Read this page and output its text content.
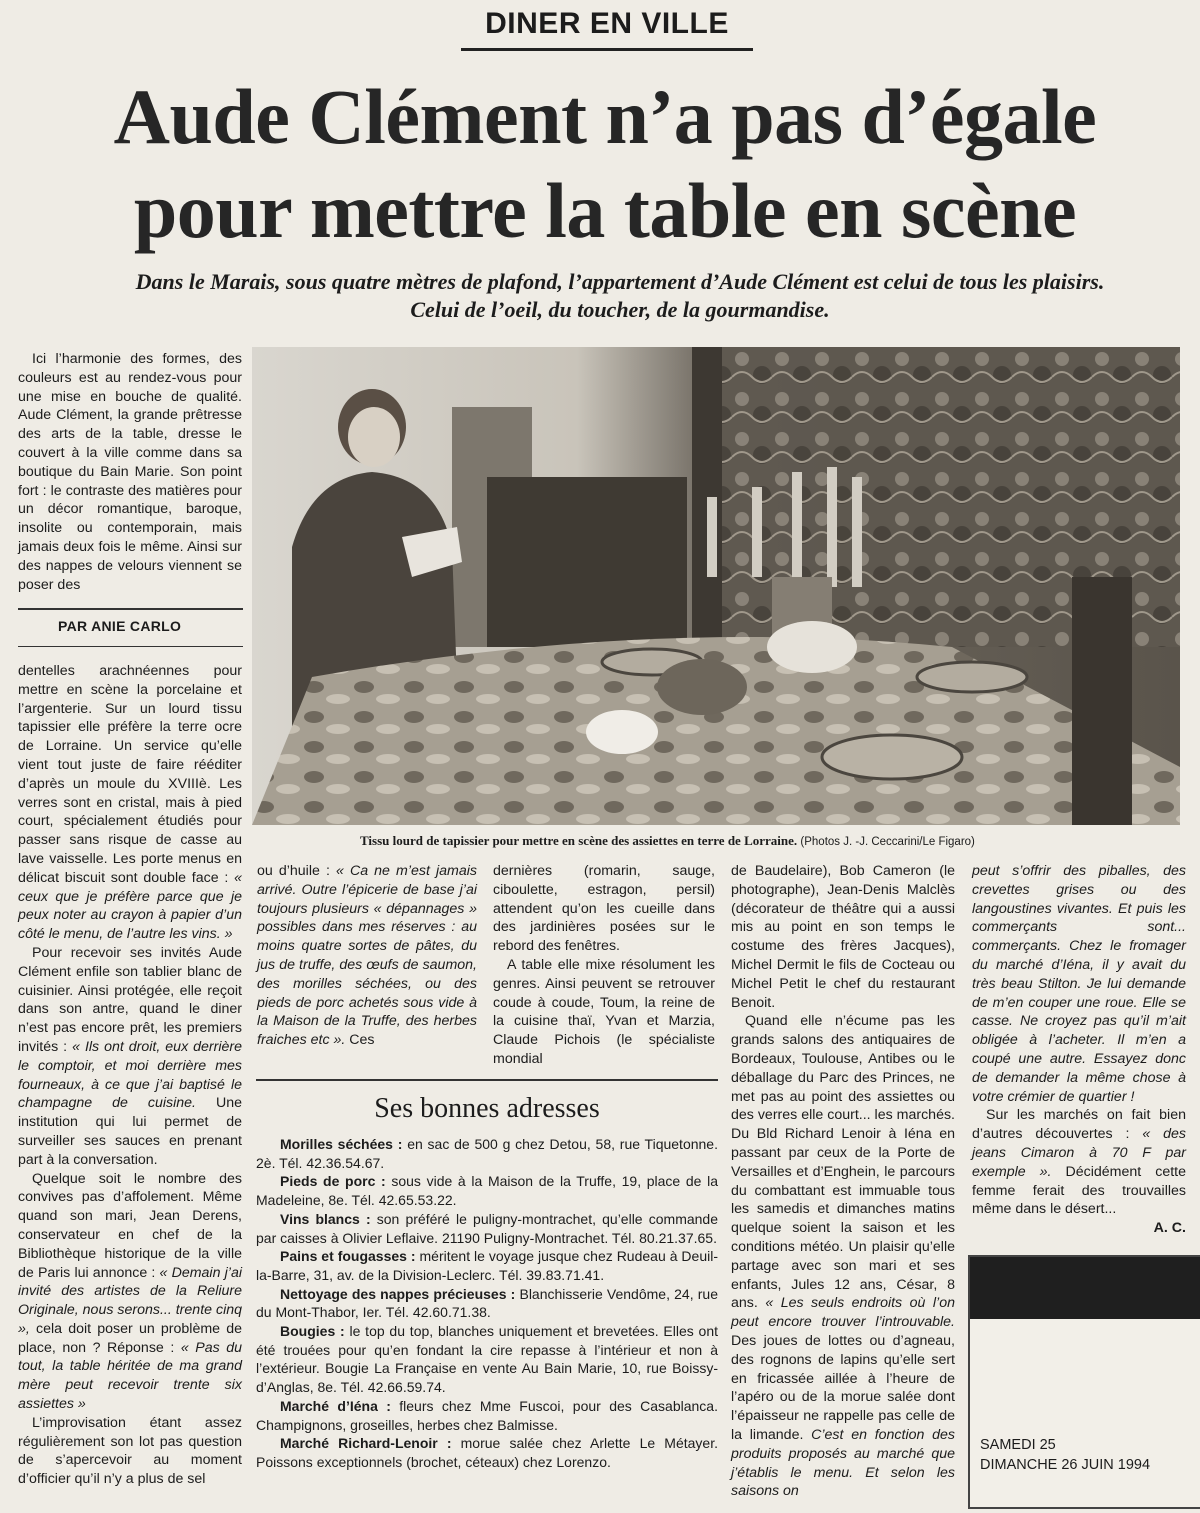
DINER EN VILLE
Aude Clément n’a pas d’égale
pour mettre la table en scène
Dans le Marais, sous quatre mètres de plafond, l’appartement d’Aude Clément est celui de tous les plaisirs.
Celui de l’oeil, du toucher, de la gourmandise.

Ici l’harmonie des formes, des couleurs est au rendez-vous pour une mise en bouche de qualité. Aude Clément, la grande prêtresse des arts de la table, dresse le couvert à la ville comme dans sa boutique du Bain Marie. Son point fort : le contraste des matières pour un décor romantique, baroque, insolite ou contemporain, mais jamais deux fois le même. Ainsi sur des nappes de velours viennent se poser des

PAR ANIE CARLO

dentelles arachnéennes pour mettre en scène la porcelaine et l’argenterie. Sur un lourd tissu tapissier elle préfère la terre ocre de Lorraine. Un service qu’elle vient tout juste de faire rééditer d’après un moule du XVIIIè. Les verres sont en cristal, mais à pied court, spécialement étudiés pour passer sans risque de casse au lave vaisselle. Les porte menus en délicat biscuit sont double face : « ceux que je préfère parce que je peux noter au crayon à papier d’un côté le menu, de l’autre les vins. »

Pour recevoir ses invités Aude Clément enfile son tablier blanc de cuisinier. Ainsi protégée, elle reçoit dans son antre, quand le diner n’est pas encore prêt, les premiers invités : « Ils ont droit, eux derrière le comptoir, et moi derrière mes fourneaux, à ce que j’ai baptisé le champagne de cuisine. Une institution qui lui permet de surveiller ses sauces en prenant part à la conversation.

Quelque soit le nombre des convives pas d’affolement. Même quand son mari, Jean Derens, conservateur en chef de la Bibliothèque historique de la ville de Paris lui annonce : « Demain j’ai invité des artistes de la Reliure Originale, nous serons... trente cinq », cela doit poser un problème de place, non ? Réponse : « Pas du tout, la table héritée de ma grand mère peut recevoir trente six assiettes »

L’improvisation étant assez régulièrement son lot pas question de s’apercevoir au moment d’officier qu’il n’y a plus de sel

Tissu lourd de tapissier pour mettre en scène des assiettes en terre de Lorraine. (Photos J. -J. Ceccarini/Le Figaro)

ou d’huile : « Ca ne m’est jamais arrivé. Outre l’épicerie de base j’ai toujours plusieurs « dépannages » possibles dans mes réserves : au moins quatre sortes de pâtes, du jus de truffe, des œufs de saumon, des morilles séchées, ou des pieds de porc achetés sous vide à la Maison de la Truffe, des herbes fraiches etc ». Ces

dernières (romarin, sauge, ciboulette, estragon, persil) attendent qu’on les cueille dans des jardinières posées sur le rebord des fenêtres.

A table elle mixe résolument les genres. Ainsi peuvent se retrouver coude à coude, Toum, la reine de la cuisine thaï, Yvan et Marzia, Claude Pichois (le spécialiste mondial

Ses bonnes adresses

Morilles séchées : en sac de 500 g chez Detou, 58, rue Tiquetonne. 2è. Tél. 42.36.54.67.

Pieds de porc : sous vide à la Maison de la Truffe, 19, place de la Madeleine, 8e. Tél. 42.65.53.22.

Vins blancs : son préféré le puligny-montrachet, qu’elle commande par caisses à Olivier Leflaive. 21190 Puligny-Montrachet. Tél. 80.21.37.65.

Pains et fougasses : méritent le voyage jusque chez Rudeau à Deuil-la-Barre, 31, av. de la Division-Leclerc. Tél. 39.83.71.41.

Nettoyage des nappes précieuses : Blanchisserie Vendôme, 24, rue du Mont-Thabor, Ier. Tél. 42.60.71.38.

Bougies : le top du top, blanches uniquement et brevetées. Elles ont été trouées pour qu’en fondant la cire repasse à l’intérieur et non à l’extérieur. Bougie La Française en vente Au Bain Marie, 10, rue Boissy-d’Anglas, 8e. Tél. 42.66.59.74.

Marché d’Iéna : fleurs chez Mme Fuscoi, pour des Casablanca. Champignons, groseilles, herbes chez Balmisse.

Marché Richard-Lenoir : morue salée chez Arlette Le Métayer. Poissons exceptionnels (brochet, céteaux) chez Lorenzo.

de Baudelaire), Bob Cameron (le photographe), Jean-Denis Malclès (décorateur de théâtre qui a aussi mis au point en son temps le costume des frères Jacques), Michel Dermit le fils de Cocteau ou Michel Petit le chef du restaurant Benoit.

Quand elle n’écume pas les grands salons des antiquaires de Bordeaux, Toulouse, Antibes ou le déballage du Parc des Princes, ne met pas au point des assiettes ou des verres elle court... les marchés. Du Bld Richard Lenoir à Iéna en passant par ceux de la Porte de Versailles et d’Enghein, le parcours du combattant est immuable tous les samedis et dimanches matins quelque soient la saison et les conditions météo. Un plaisir qu’elle partage avec son mari et ses enfants, Jules 12 ans, César, 8 ans. « Les seuls endroits où l’on peut encore trouver l’introuvable. Des joues de lottes ou d’agneau, des rognons de lapins qu’elle sert en fricassée aillée à l’heure de l’apéro ou de la morue salée dont l’épaisseur ne rappelle pas celle de la limande. C’est en fonction des produits proposés au marché que j’établis le menu. Et selon les saisons on

peut s’offrir des piballes, des crevettes grises ou des langoustines vivantes. Et puis les commerçants sont... commerçants. Chez le fromager du marché d’Iéna, il y avait du très beau Stilton. Je lui demande de m’en couper une roue. Elle se casse. Ne croyez pas qu’il m’ait obligée à l’acheter. Il m’en a coupé une autre. Essayez donc de demander la même chose à votre crémier de quartier !

Sur les marchés on fait bien d’autres découvertes : « des jeans Cimaron à 70 F par exemple ». Décidément cette femme ferait des trouvailles même dans le désert...

A. C.

SAMEDI 25
DIMANCHE 26 JUIN 1994
